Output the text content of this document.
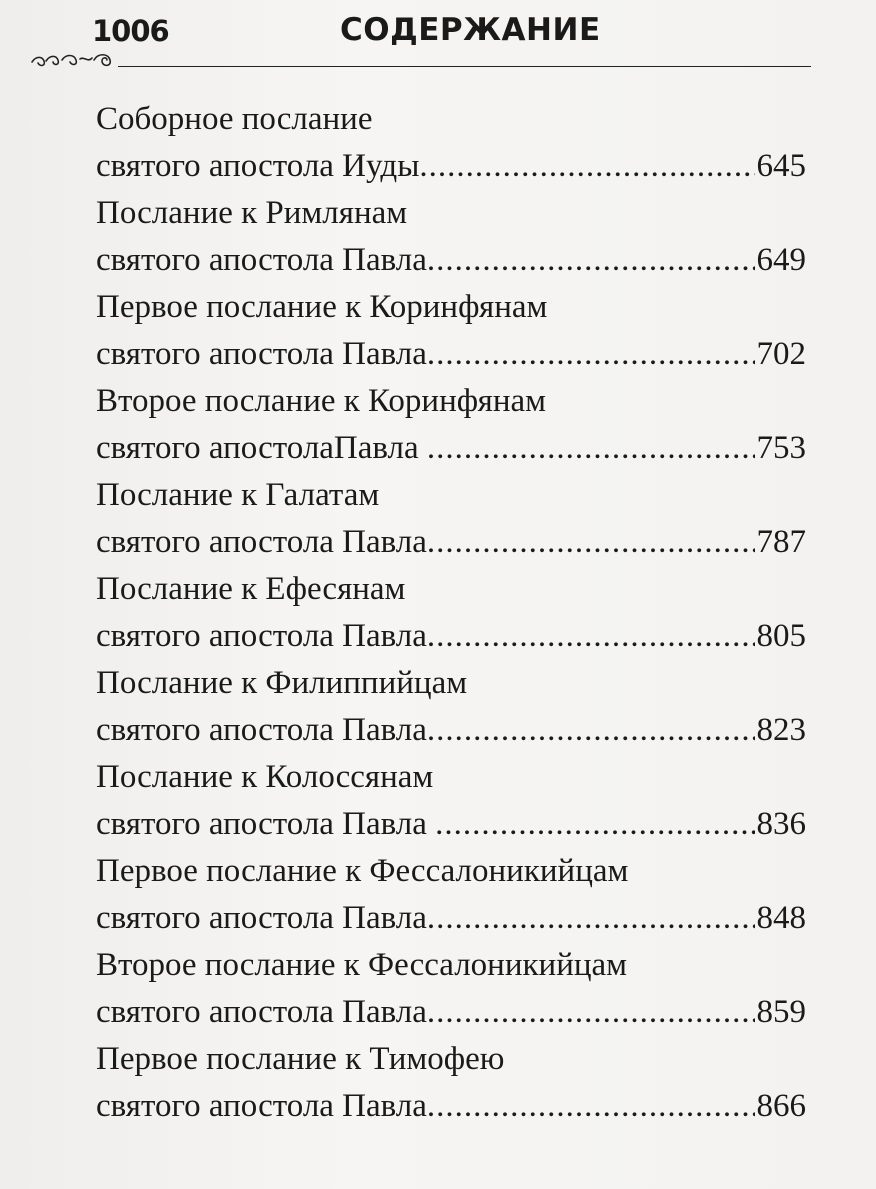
1006	СОДЕРЖАНИЕ
Соборное послание
святого апостола Иуды .....	645
Послание к Римлянам
святого апостола Павла .....	649
Первое послание к Коринфянам
святого апостола Павла .....	702
Второе послание к Коринфянам
святого апостолаПавла .....	753
Послание к Галатам
святого апостола Павла .....	787
Послание к Ефесянам
святого апостола Павла .....	805
Послание к Филиппийцам
святого апостола Павла .....	823
Послание к Колоссянам
святого апостола Павла .....	836
Первое послание к Фессалоникийцам
святого апостола Павла .....	848
Второе послание к Фессалоникийцам
святого апостола Павла .....	859
Первое послание к Тимофею
святого апостола Павла .....	866
